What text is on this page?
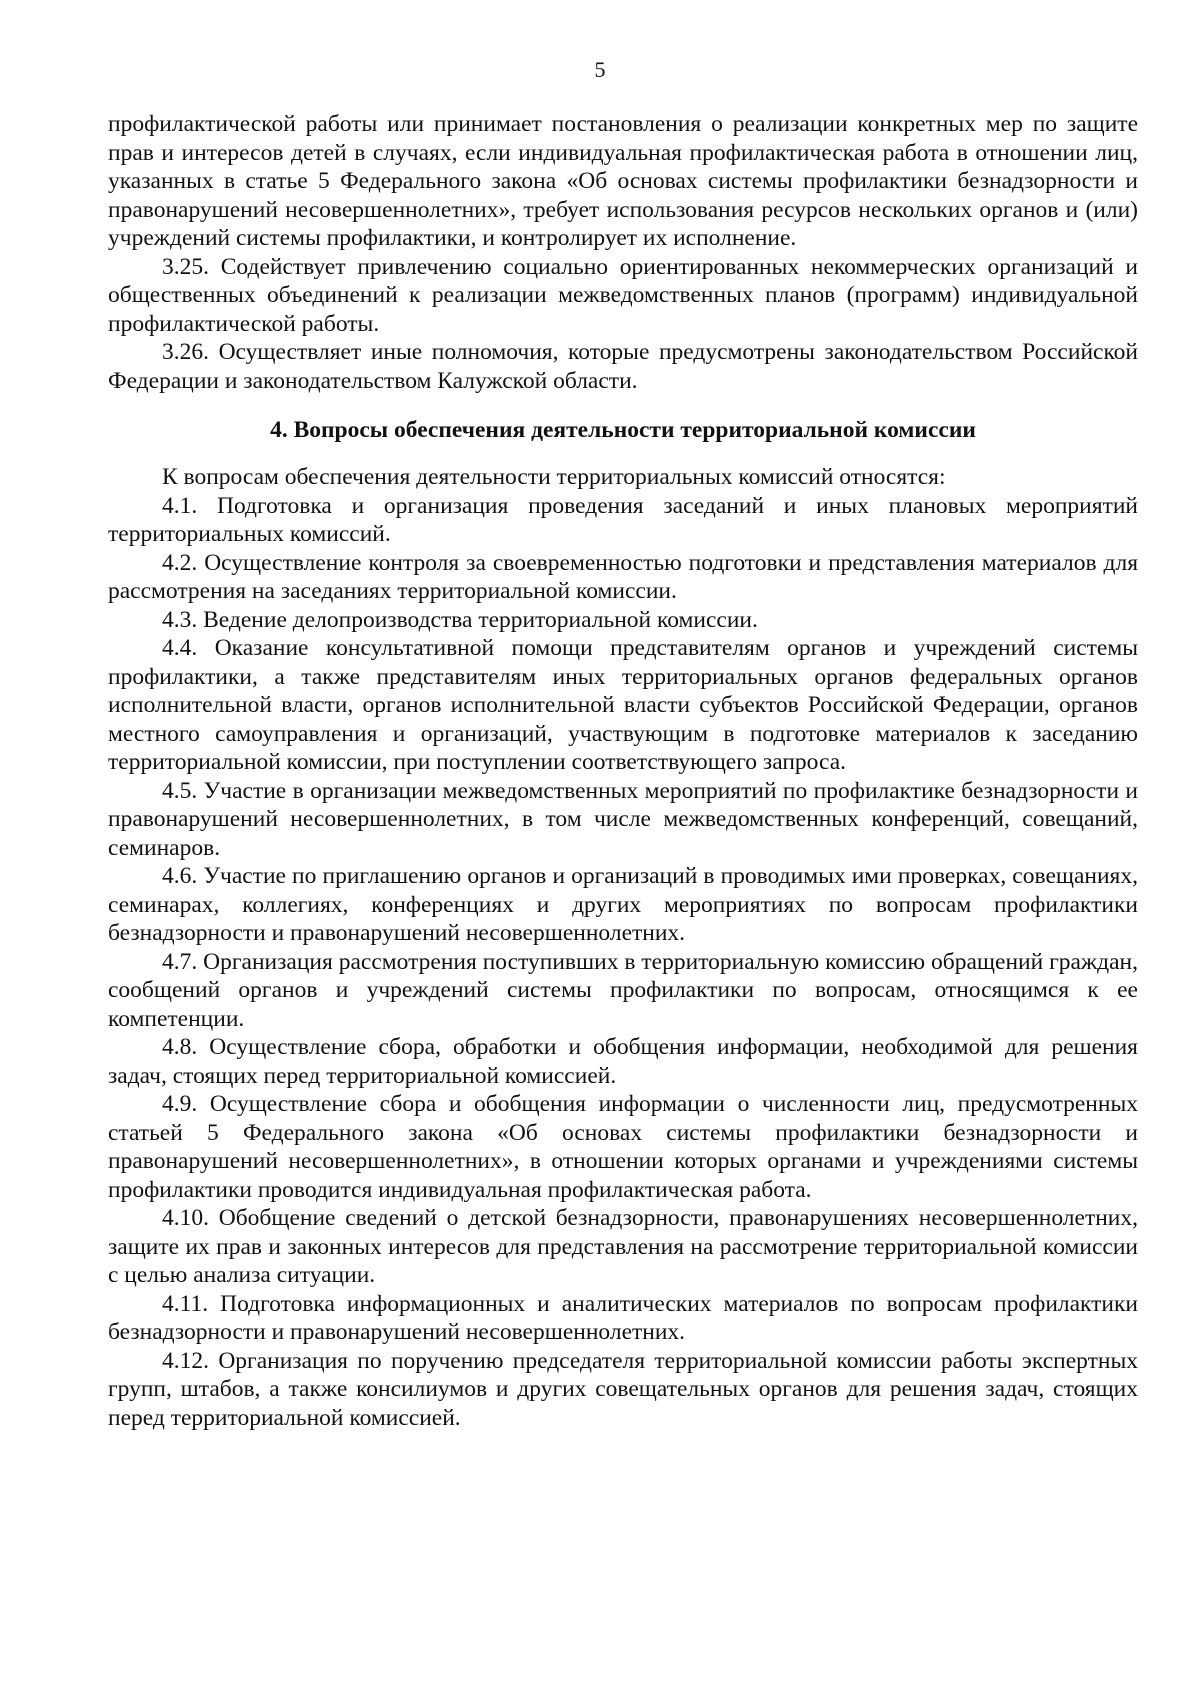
5

профилактической работы или принимает постановления о реализации конкретных мер по защите прав и интересов детей в случаях, если индивидуальная профилактическая работа в отношении лиц, указанных в статье 5 Федерального закона «Об основах системы профилактики безнадзорности и правонарушений несовершеннолетних», требует использования ресурсов нескольких органов и (или) учреждений системы профилактики, и контролирует их исполнение.

3.25. Содействует привлечению социально ориентированных некоммерческих организаций и общественных объединений к реализации межведомственных планов (программ) индивидуальной профилактической работы.

3.26. Осуществляет иные полномочия, которые предусмотрены законодательством Российской Федерации и законодательством Калужской области.

4. Вопросы обеспечения деятельности территориальной комиссии

К вопросам обеспечения деятельности территориальных комиссий относятся:

4.1. Подготовка и организация проведения заседаний и иных плановых мероприятий территориальных комиссий.

4.2. Осуществление контроля за своевременностью подготовки и представления материалов для рассмотрения на заседаниях территориальной комиссии.

4.3. Ведение делопроизводства территориальной комиссии.

4.4. Оказание консультативной помощи представителям органов и учреждений системы профилактики, а также представителям иных территориальных органов федеральных органов исполнительной власти, органов исполнительной власти субъектов Российской Федерации, органов местного самоуправления и организаций, участвующим в подготовке материалов к заседанию территориальной комиссии, при поступлении соответствующего запроса.

4.5. Участие в организации межведомственных мероприятий по профилактике безнадзорности и правонарушений несовершеннолетних, в том числе межведомственных конференций, совещаний, семинаров.

4.6. Участие по приглашению органов и организаций в проводимых ими проверках, совещаниях, семинарах, коллегиях, конференциях и других мероприятиях по вопросам профилактики безнадзорности и правонарушений несовершеннолетних.

4.7. Организация рассмотрения поступивших в территориальную комиссию обращений граждан, сообщений органов и учреждений системы профилактики по вопросам, относящимся к ее компетенции.

4.8. Осуществление сбора, обработки и обобщения информации, необходимой для решения задач, стоящих перед территориальной комиссией.

4.9. Осуществление сбора и обобщения информации о численности лиц, предусмотренных статьей 5 Федерального закона «Об основах системы профилактики безнадзорности и правонарушений несовершеннолетних», в отношении которых органами и учреждениями системы профилактики проводится индивидуальная профилактическая работа.

4.10. Обобщение сведений о детской безнадзорности, правонарушениях несовершеннолетних, защите их прав и законных интересов для представления на рассмотрение территориальной комиссии с целью анализа ситуации.

4.11. Подготовка информационных и аналитических материалов по вопросам профилактики безнадзорности и правонарушений несовершеннолетних.

4.12. Организация по поручению председателя территориальной комиссии работы экспертных групп, штабов, а также консилиумов и других совещательных органов для решения задач, стоящих перед территориальной комиссией.
